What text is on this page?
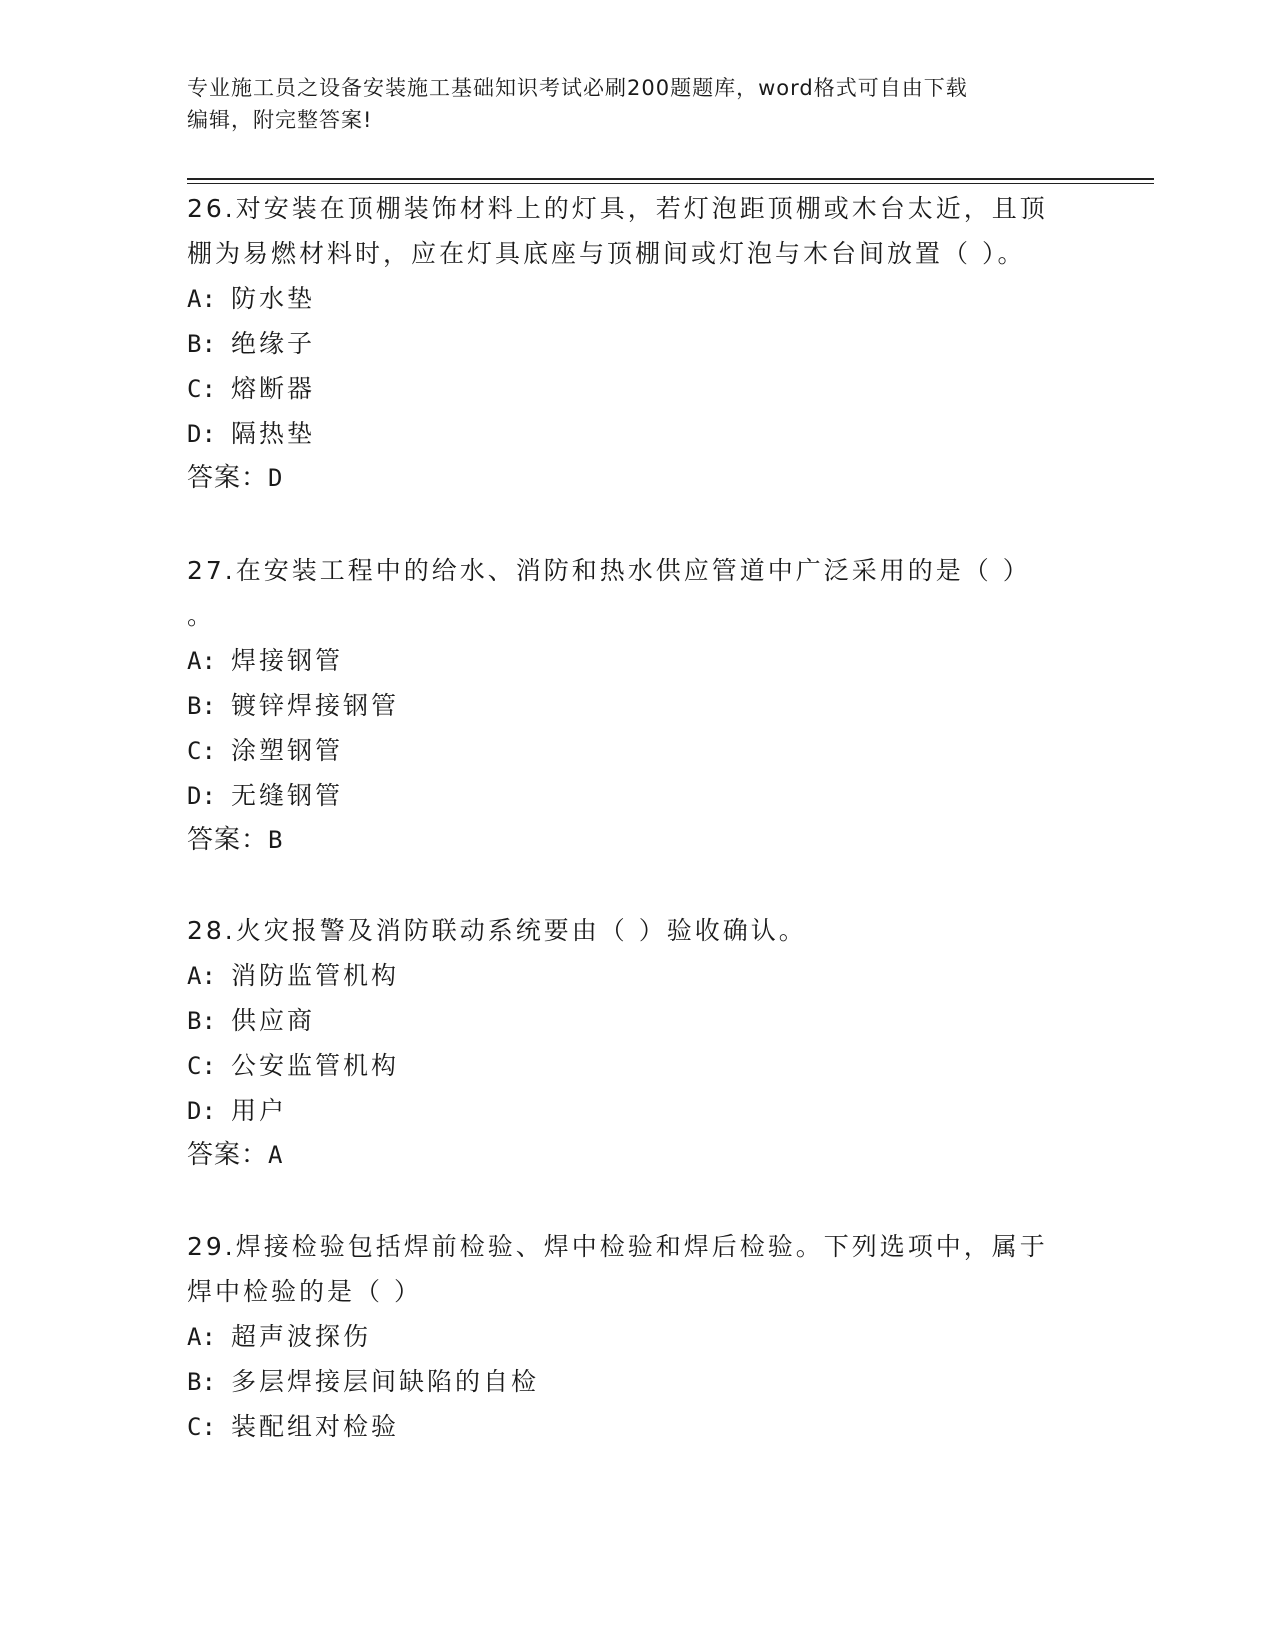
专业施工员之设备安装施工基础知识考试必刷200题题库，word格式可自由下载
编辑，附完整答案!
26.对安装在顶棚装饰材料上的灯具，若灯泡距顶棚或木台太近，且顶
棚为易燃材料时，应在灯具底座与顶棚间或灯泡与木台间放置（ ）。
A: 防水垫
B: 绝缘子
C: 熔断器
D: 隔热垫
答案：D
27.在安装工程中的给水、消防和热水供应管道中广泛采用的是（ ）
。
A: 焊接钢管
B: 镀锌焊接钢管
C: 涂塑钢管
D: 无缝钢管
答案：B
28.火灾报警及消防联动系统要由（ ）验收确认。
A: 消防监管机构
B: 供应商
C: 公安监管机构
D: 用户
答案：A
29.焊接检验包括焊前检验、焊中检验和焊后检验。下列选项中，属于
焊中检验的是（ ）
A: 超声波探伤
B: 多层焊接层间缺陷的自检
C: 装配组对检验
